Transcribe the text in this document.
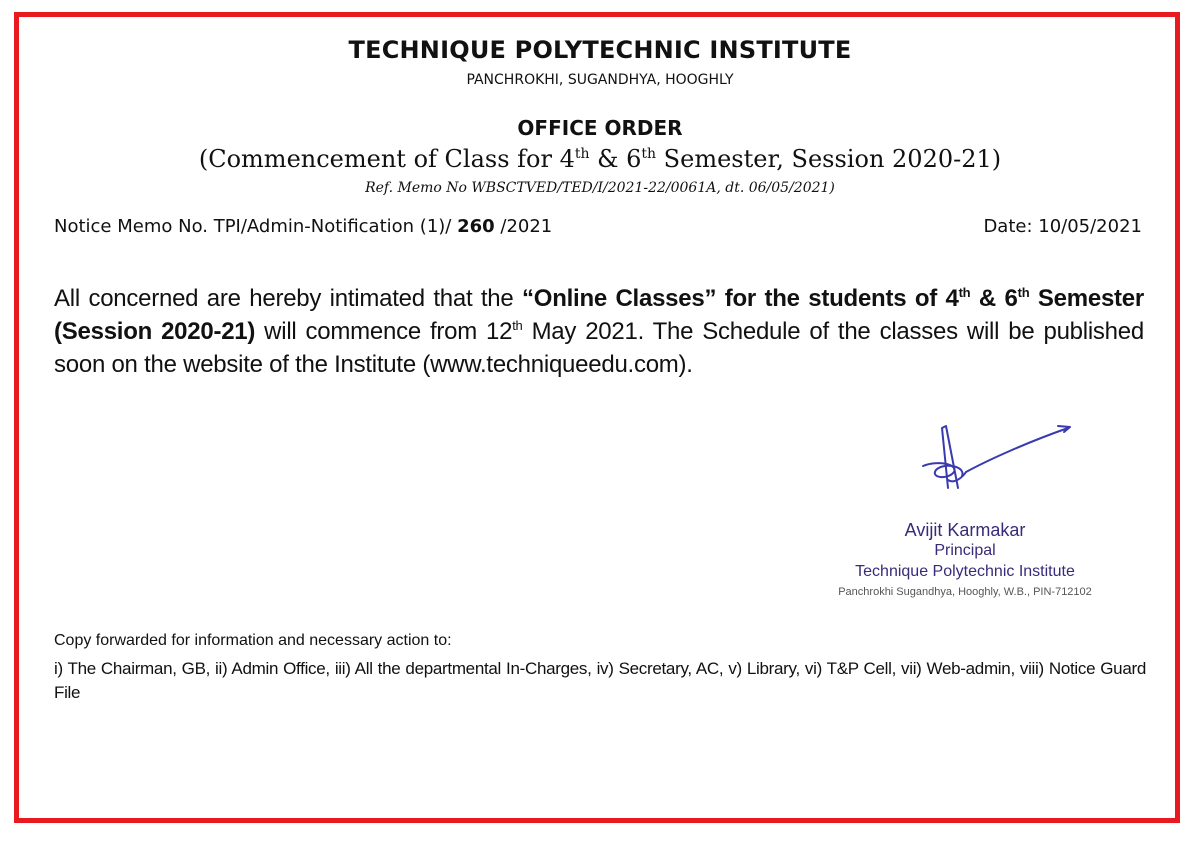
TECHNIQUE POLYTECHNIC INSTITUTE
PANCHROKHI, SUGANDHYA, HOOGHLY
OFFICE ORDER
(Commencement of Class for 4th & 6th Semester, Session 2020-21)
Ref. Memo No WBSCTVED/TED/I/2021-22/0061A, dt. 06/05/2021)
Notice Memo No. TPI/Admin-Notification (1)/ 260 /2021	Date: 10/05/2021
All concerned are hereby intimated that the “Online Classes” for the students of 4th & 6th Semester (Session 2020-21) will commence from 12th May 2021. The Schedule of the classes will be published soon on the website of the Institute (www.techniqueedu.com).
Avijit Karmakar
Principal
Technique Polytechnic Institute
Panchrokhi Sugandhya, Hooghly, W.B., PIN-712102
Copy forwarded for information and necessary action to:
i) The Chairman, GB, ii) Admin Office, iii) All the departmental In-Charges, iv) Secretary, AC, v) Library, vi) T&P Cell, vii) Web-admin, viii) Notice Guard File
